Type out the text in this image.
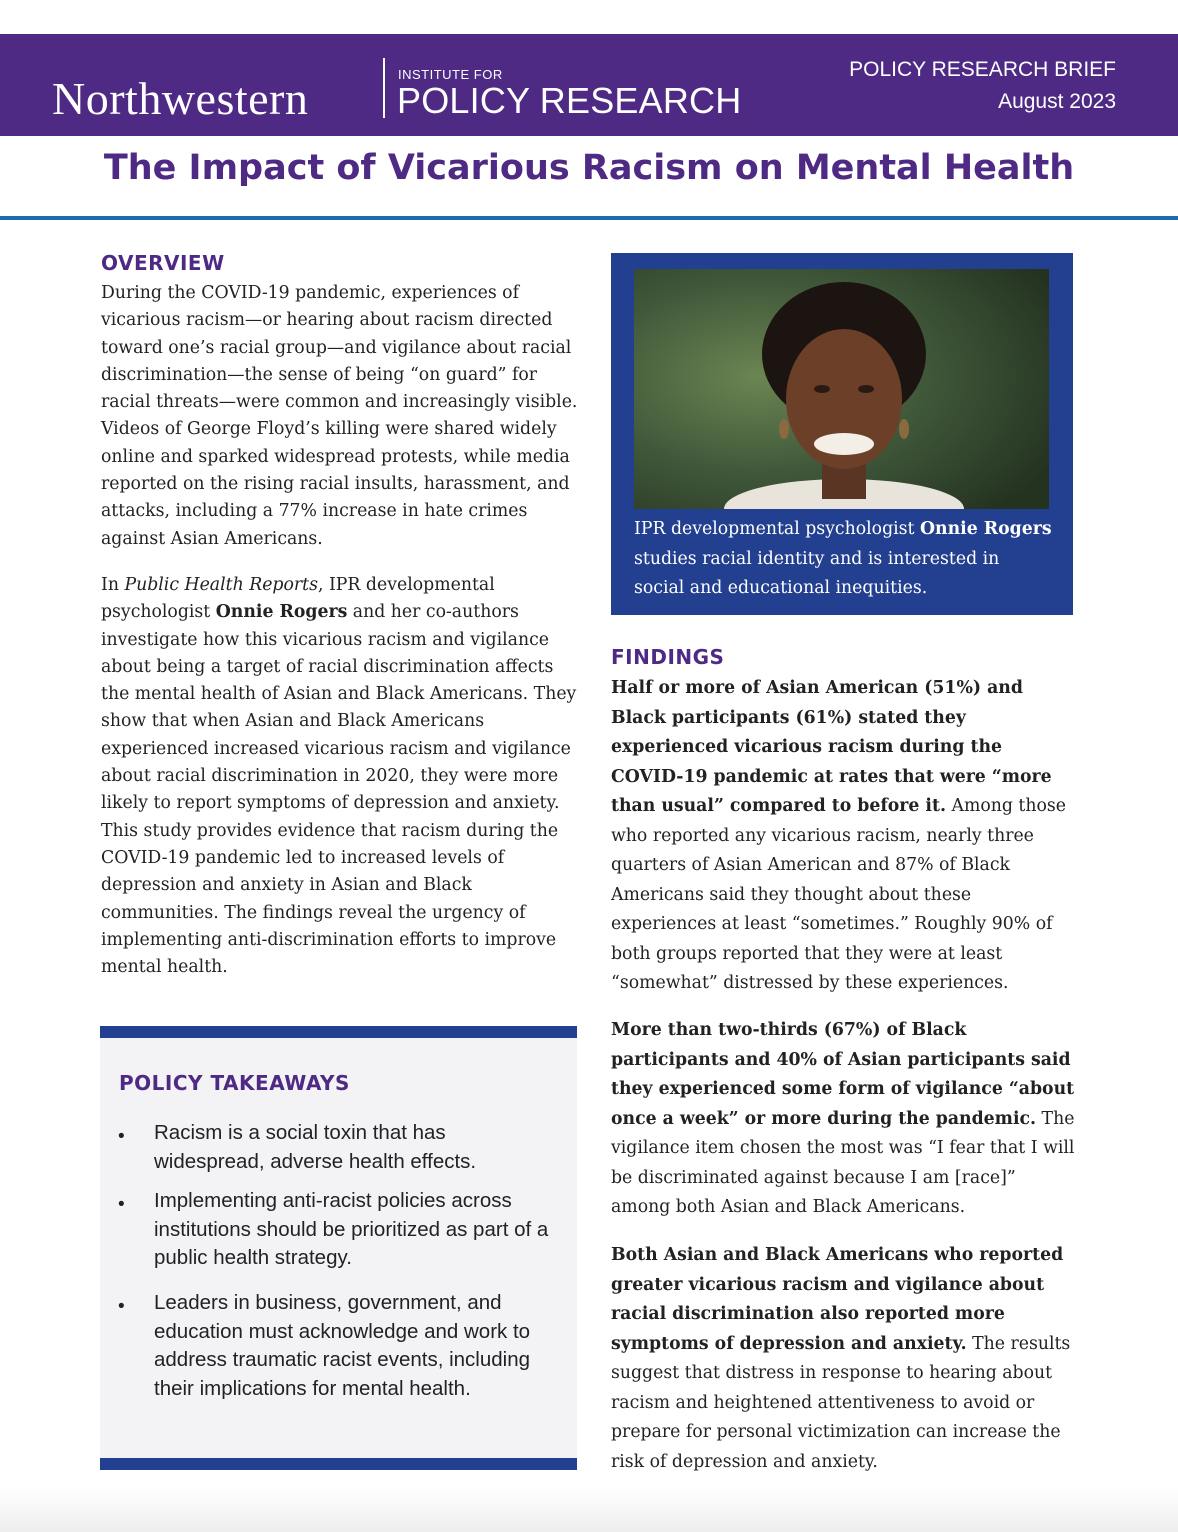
Northwestern	INSTITUTE FOR
POLICY RESEARCH
POLICY RESEARCH BRIEF
August 2023
The Impact of Vicarious Racism on Mental Health
OVERVIEW

During the COVID-19 pandemic, experiences of vicarious racism—or hearing about racism directed toward one’s racial group—and vigilance about racial discrimination—the sense of being “on guard” for racial threats—were common and increasingly visible. Videos of George Floyd’s killing were shared widely online and sparked widespread protests, while media reported on the rising racial insults, harassment, and attacks, including a 77% increase in hate crimes against Asian Americans.

In Public Health Reports, IPR developmental psychologist Onnie Rogers and her co-authors investigate how this vicarious racism and vigilance about being a target of racial discrimination affects the mental health of Asian and Black Americans. They show that when Asian and Black Americans experienced increased vicarious racism and vigilance about racial discrimination in 2020, they were more likely to report symptoms of depression and anxiety. This study provides evidence that racism during the COVID-19 pandemic led to increased levels of depression and anxiety in Asian and Black communities. The findings reveal the urgency of implementing anti-discrimination efforts to improve mental health.

IPR developmental psychologist Onnie Rogers studies racial identity and is interested in social and educational inequities.
FINDINGS

Half or more of Asian American (51%) and Black participants (61%) stated they experienced vicarious racism during the COVID-19 pandemic at rates that were “more than usual” compared to before it. Among those who reported any vicarious racism, nearly three quarters of Asian American and 87% of Black Americans said they thought about these experiences at least “sometimes.” Roughly 90% of both groups reported that they were at least “somewhat” distressed by these experiences.

More than two-thirds (67%) of Black participants and 40% of Asian participants said they experienced some form of vigilance “about once a week” or more during the pandemic. The vigilance item chosen the most was “I fear that I will be discriminated against because I am [race]” among both Asian and Black Americans.

Both Asian and Black Americans who reported greater vicarious racism and vigilance about racial discrimination also reported more symptoms of depression and anxiety. The results suggest that distress in response to hearing about racism and heightened attentiveness to avoid or prepare for personal victimization can increase the risk of depression and anxiety.

POLICY TAKEAWAYS
• Racism is a social toxin that has widespread, adverse health effects.
• Implementing anti-racist policies across institutions should be prioritized as part of a public health strategy.
• Leaders in business, government, and education must acknowledge and work to address traumatic racist events, including their implications for mental health.
